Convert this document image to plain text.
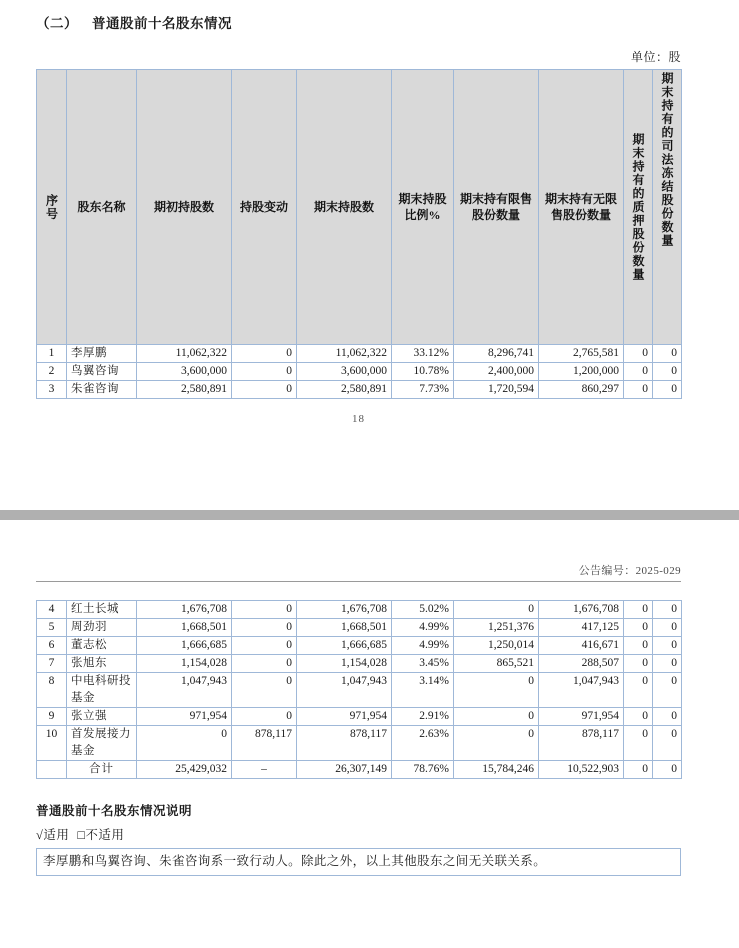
（二） 普通股前十名股东情况
单位：股
序号	股东名称	期初持股数	持股变动	期末持股数	期末持股比例%	期末持有限售股份数量	期末持有无限售股份数量	期末持有的质押股份数量	期末持有的司法冻结股份数量

1	李厚鹏	11,062,322	0	11,062,322	33.12%	8,296,741	2,765,581	0	0
2	鸟翼咨询	3,600,000	0	3,600,000	10.78%	2,400,000	1,200,000	0	0
3	朱雀咨询	2,580,891	0	2,580,891	7.73%	1,720,594	860,297	0	0
18
公告编号：2025-029
4	红土长城	1,676,708	0	1,676,708	5.02%	0	1,676,708	0	0
5	周劲羽	1,668,501	0	1,668,501	4.99%	1,251,376	417,125	0	0
6	董志松	1,666,685	0	1,666,685	4.99%	1,250,014	416,671	0	0
7	张旭东	1,154,028	0	1,154,028	3.45%	865,521	288,507	0	0
8	中电科研投基金	1,047,943	0	1,047,943	3.14%	0	1,047,943	0	0
9	张立强	971,954	0	971,954	2.91%	0	971,954	0	0
10	首发展接力基金	0	878,117	878,117	2.63%	0	878,117	0	0
	合计	25,429,032	–	26,307,149	78.76%	15,784,246	10,522,903	0	0
普通股前十名股东情况说明
√适用 □不适用
李厚鹏和鸟翼咨询、朱雀咨询系一致行动人。除此之外，以上其他股东之间无关联关系。
